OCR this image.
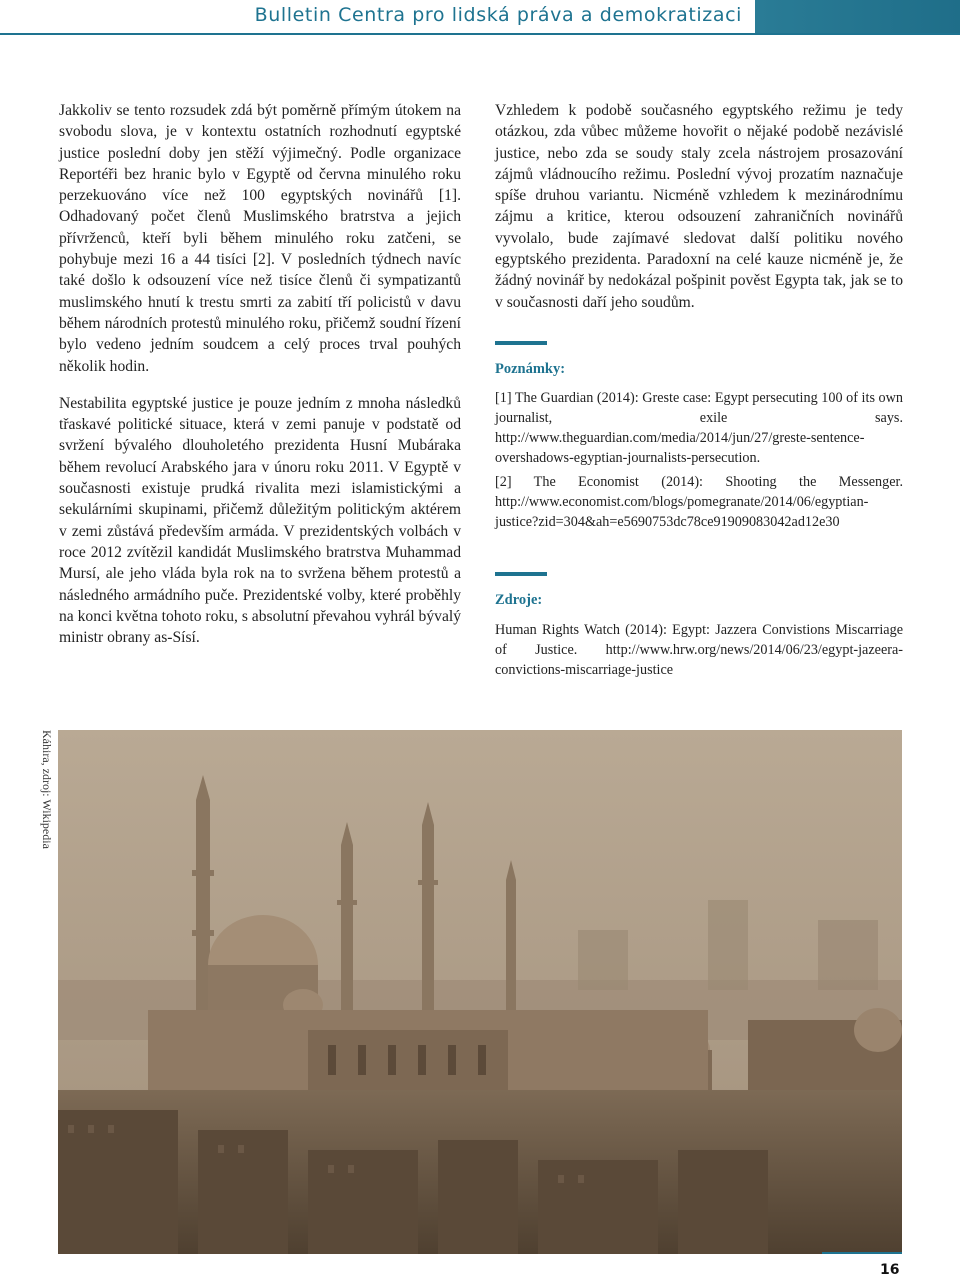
Bulletin Centra pro lidská práva a demokratizaci

Jakkoliv se tento rozsudek zdá být poměrně přímým útokem na svobodu slova, je v kontextu ostatních rozhodnutí egyptské justice poslední doby jen stěží výjimečný. Podle organizace Reportéři bez hranic bylo v Egyptě od června minulého roku perzekuováno více než 100 egyptských novinářů [1]. Odhadovaný počet členů Muslimského bratrstva a jejich přívrženců, kteří byli během minulého roku zatčeni, se pohybuje mezi 16 a 44 tisíci [2]. V posledních týdnech navíc také došlo k odsouzení více než tisíce členů či sympatizantů muslimského hnutí k trestu smrti za zabití tří policistů v davu během národních protestů minulého roku, přičemž soudní řízení bylo vedeno jedním soudcem a celý proces trval pouhých několik hodin.

Nestabilita egyptské justice je pouze jedním z mnoha následků třaskavé politické situace, která v zemi panuje v podstatě od svržení bývalého dlouholetého prezidenta Husní Mubáraka během revolucí Arabského jara v únoru roku 2011. V Egyptě v současnosti existuje prudká rivalita mezi islamistickými a sekulárními skupinami, přičemž důležitým politickým aktérem v zemi zůstává především armáda. V prezidentských volbách v roce 2012 zvítězil kandidát Muslimského bratrstva Muhammad Mursí, ale jeho vláda byla rok na to svržena během protestů a následného armádního puče. Prezidentské volby, které proběhly na konci května tohoto roku, s absolutní převahou vyhrál bývalý ministr obrany as-Sísí.

Vzhledem k podobě současného egyptského režimu je tedy otázkou, zda vůbec můžeme hovořit o nějaké podobě nezávislé justice, nebo zda se soudy staly zcela nástrojem prosazování zájmů vládnoucího režimu. Poslední vývoj prozatím naznačuje spíše druhou variantu. Nicméně vzhledem k mezinárodnímu zájmu a kritice, kterou odsouzení zahraničních novinářů vyvolalo, bude zajímavé sledovat další politiku nového egyptského prezidenta. Paradoxní na celé kauze nicméně je, že žádný novinář by nedokázal pošpinit pověst Egypta tak, jak se to v současnosti daří jeho soudům.

Poznámky:
[1] The Guardian (2014): Greste case: Egypt persecuting 100 of its own journalist, exile says. http://www.theguardian.com/media/2014/jun/27/greste-sentence-overshadows-egyptian-journalists-persecution.
[2] The Economist (2014): Shooting the Messenger. http://www.economist.com/blogs/pomegranate/2014/06/egyptian-justice?zid=304&ah=e5690753dc78ce91909083042ad12e30
Zdroje:
Human Rights Watch (2014): Egypt: Jazzera Convistions Miscarriage of Justice. http://www.hrw.org/news/2014/06/23/egypt-jazeera-convictions-miscarriage-justice
Káhira, zdroj: Wikipedia
16
